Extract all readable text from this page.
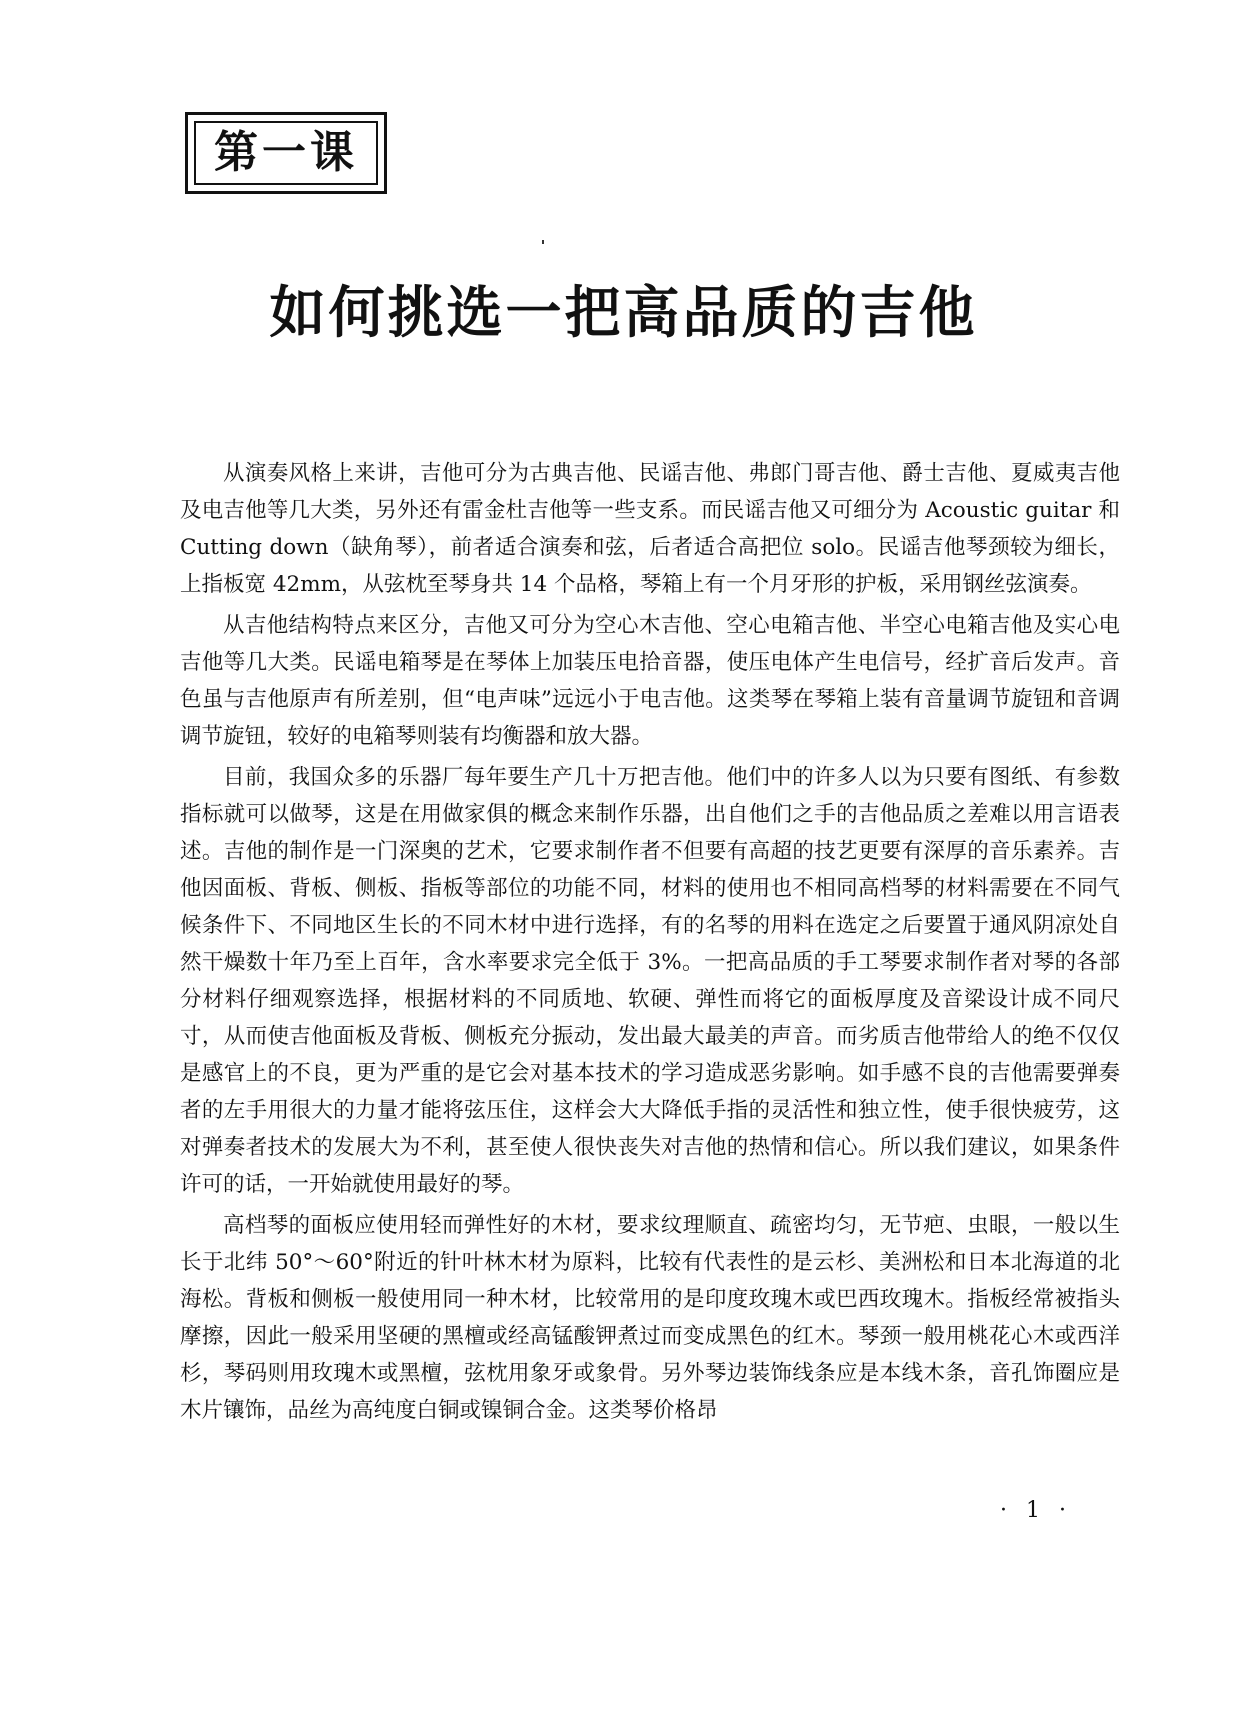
第一课
如何挑选一把高品质的吉他

从演奏风格上来讲，吉他可分为古典吉他、民谣吉他、弗郎门哥吉他、爵士吉他、夏威夷吉他及电吉他等几大类，另外还有雷金杜吉他等一些支系。而民谣吉他又可细分为 Acoustic guitar 和 Cutting down（缺角琴），前者适合演奏和弦，后者适合高把位 solo。民谣吉他琴颈较为细长，上指板宽 42mm，从弦枕至琴身共 14 个品格，琴箱上有一个月牙形的护板，采用钢丝弦演奏。

从吉他结构特点来区分，吉他又可分为空心木吉他、空心电箱吉他、半空心电箱吉他及实心电吉他等几大类。民谣电箱琴是在琴体上加装压电拾音器，使压电体产生电信号，经扩音后发声。音色虽与吉他原声有所差别，但“电声味”远远小于电吉他。这类琴在琴箱上装有音量调节旋钮和音调调节旋钮，较好的电箱琴则装有均衡器和放大器。

目前，我国众多的乐器厂每年要生产几十万把吉他。他们中的许多人以为只要有图纸、有参数指标就可以做琴，这是在用做家俱的概念来制作乐器，出自他们之手的吉他品质之差难以用言语表述。吉他的制作是一门深奥的艺术，它要求制作者不但要有高超的技艺更要有深厚的音乐素养。吉他因面板、背板、侧板、指板等部位的功能不同，材料的使用也不相同高档琴的材料需要在不同气候条件下、不同地区生长的不同木材中进行选择，有的名琴的用料在选定之后要置于通风阴凉处自然干燥数十年乃至上百年，含水率要求完全低于 3%。一把高品质的手工琴要求制作者对琴的各部分材料仔细观察选择，根据材料的不同质地、软硬、弹性而将它的面板厚度及音梁设计成不同尺寸，从而使吉他面板及背板、侧板充分振动，发出最大最美的声音。而劣质吉他带给人的绝不仅仅是感官上的不良，更为严重的是它会对基本技术的学习造成恶劣影响。如手感不良的吉他需要弹奏者的左手用很大的力量才能将弦压住，这样会大大降低手指的灵活性和独立性，使手很快疲劳，这对弹奏者技术的发展大为不利，甚至使人很快丧失对吉他的热情和信心。所以我们建议，如果条件许可的话，一开始就使用最好的琴。

高档琴的面板应使用轻而弹性好的木材，要求纹理顺直、疏密均匀，无节疤、虫眼，一般以生长于北纬 50°～60°附近的针叶林木材为原料，比较有代表性的是云杉、美洲松和日本北海道的北海松。背板和侧板一般使用同一种木材，比较常用的是印度玫瑰木或巴西玫瑰木。指板经常被指头摩擦，因此一般采用坚硬的黑檀或经高锰酸钾煮过而变成黑色的红木。琴颈一般用桃花心木或西洋杉，琴码则用玫瑰木或黑檀，弦枕用象牙或象骨。另外琴边装饰线条应是本线木条，音孔饰圈应是木片镶饰，品丝为高纯度白铜或镍铜合金。这类琴价格昂

· 1 ·
